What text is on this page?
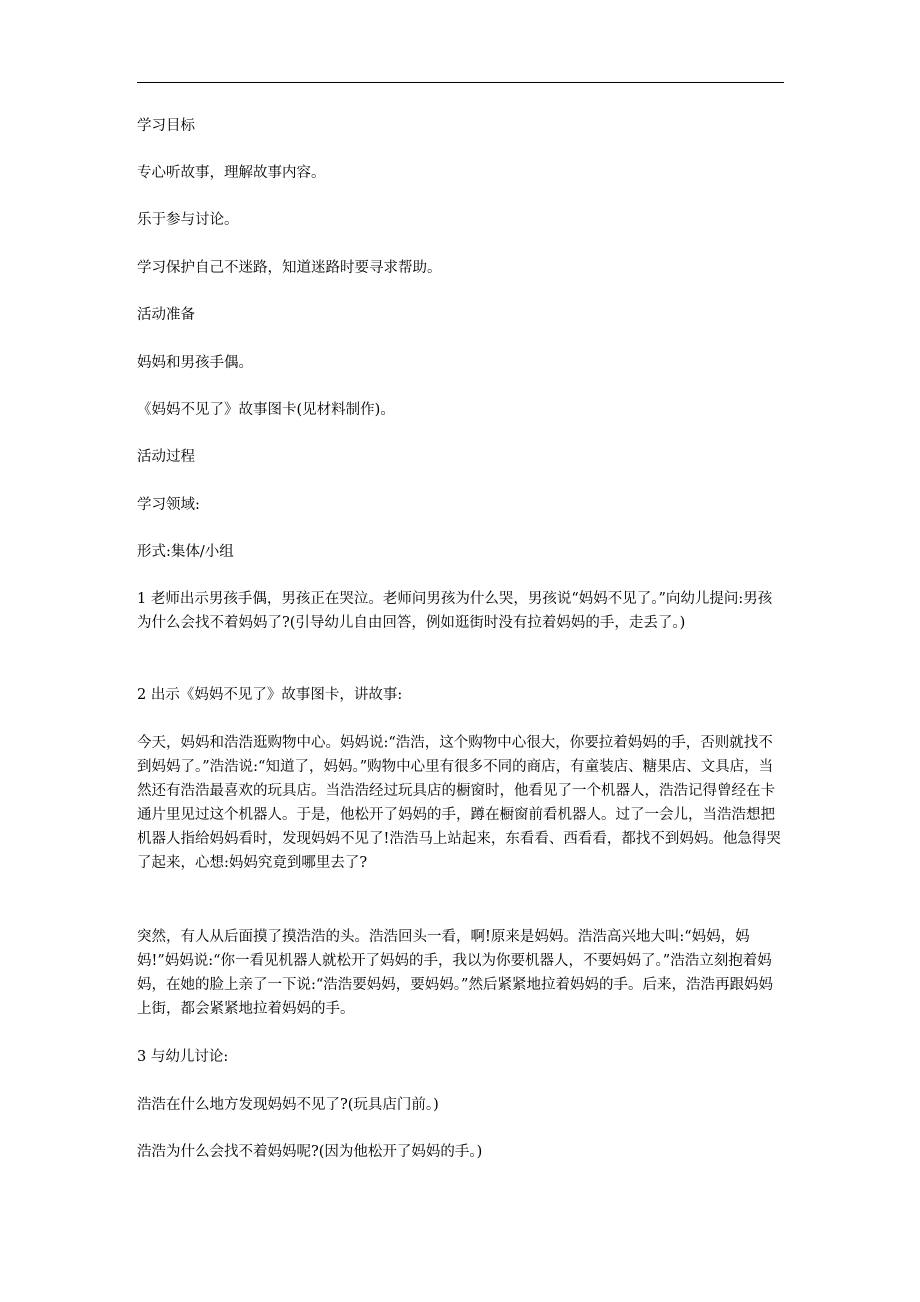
学习目标

专心听故事，理解故事内容。

乐于参与讨论。

学习保护自己不迷路，知道迷路时要寻求帮助。

活动准备

妈妈和男孩手偶。

《妈妈不见了》故事图卡(见材料制作)。

活动过程

学习领域:

形式:集体/小组

1 老师出示男孩手偶，男孩正在哭泣。老师问男孩为什么哭，男孩说“妈妈不见了。”向幼儿提问:男孩为什么会找不着妈妈了?(引导幼儿自由回答，例如逛街时没有拉着妈妈的手，走丢了。)

2 出示《妈妈不见了》故事图卡，讲故事:

今天，妈妈和浩浩逛购物中心。妈妈说:“浩浩，这个购物中心很大，你要拉着妈妈的手，否则就找不到妈妈了。”浩浩说:“知道了，妈妈。”购物中心里有很多不同的商店，有童装店、糖果店、文具店，当然还有浩浩最喜欢的玩具店。当浩浩经过玩具店的橱窗时，他看见了一个机器人，浩浩记得曾经在卡通片里见过这个机器人。于是，他松开了妈妈的手，蹲在橱窗前看机器人。过了一会儿，当浩浩想把机器人指给妈妈看时，发现妈妈不见了!浩浩马上站起来，东看看、西看看，都找不到妈妈。他急得哭了起来，心想:妈妈究竟到哪里去了?

突然，有人从后面摸了摸浩浩的头。浩浩回头一看，啊!原来是妈妈。浩浩高兴地大叫:“妈妈，妈妈!”妈妈说:“你一看见机器人就松开了妈妈的手，我以为你要机器人，不要妈妈了。”浩浩立刻抱着妈妈，在她的脸上亲了一下说:“浩浩要妈妈，要妈妈。”然后紧紧地拉着妈妈的手。后来，浩浩再跟妈妈上街，都会紧紧地拉着妈妈的手。

3 与幼儿讨论:

浩浩在什么地方发现妈妈不见了?(玩具店门前。)

浩浩为什么会找不着妈妈呢?(因为他松开了妈妈的手。)
